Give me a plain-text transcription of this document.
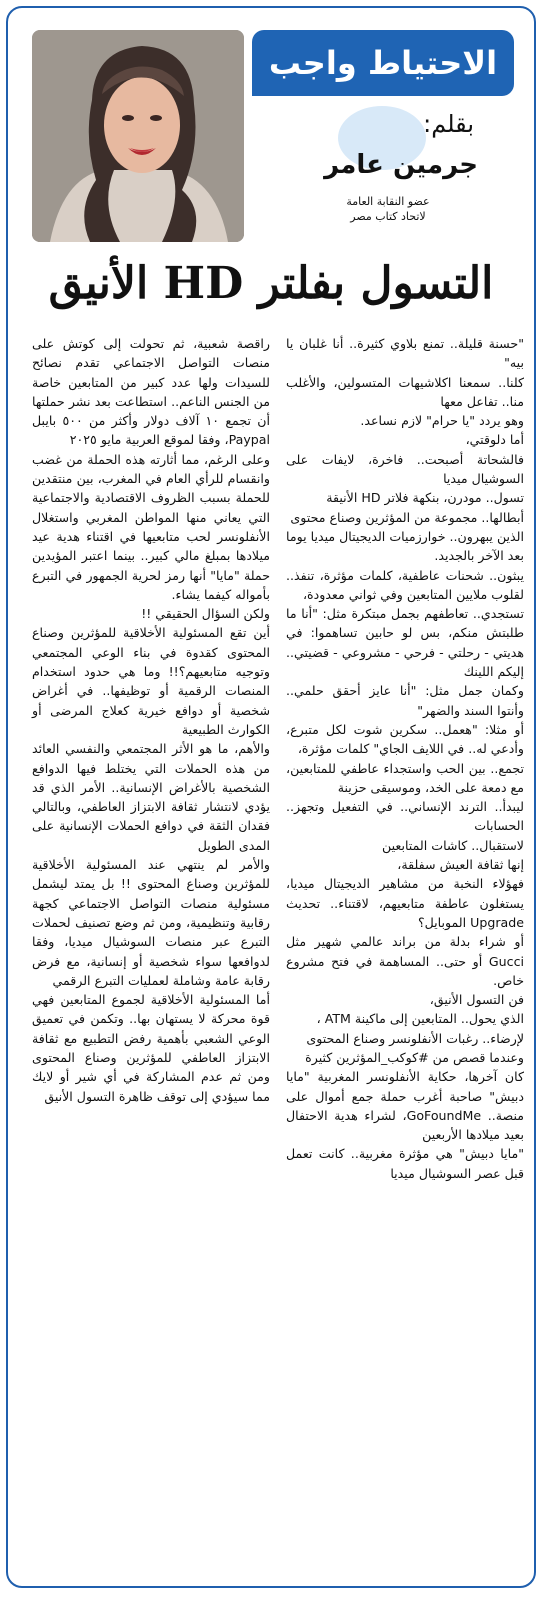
الاحتياط واجب
بقلم:
جرمين عامر
عضو النقابة العامة
لاتحاد كتاب مصر
التسول بفلتر HD الأنيق

"حسنة قليلة.. تمنع بلاوي كثيرة.. أنا غلبان يا بيه"

كلنا.. سمعنا اكلاشيهات المتسولين، والأغلب منا.. تفاعل معها

وهو يردد "يا حرام" لازم نساعد.

أما دلوقتي،

فالشحاتة أصبحت.. فاخرة، لايفات على السوشيال ميديا

تسول.. مودرن، بنكهة فلاتر HD الأنيقة

أبطالها.. مجموعة من المؤثرين وصناع محتوى

الذين يبهرون.. خوارزميات الديجيتال ميديا يوما بعد الآخر بالجديد.

يبثون.. شحنات عاطفية، كلمات مؤثرة، تنفذ.. لقلوب ملايين المتابعين وفي ثواني معدودة،

تستجدي.. تعاطفهم بجمل مبتكرة مثل: "أنا ما طلبتش منكم، بس لو حابين تساهموا: في هديتي - رحلتي - فرحي - مشروعي - قضيتي.. إليكم اللينك

وكمان جمل مثل: "أنا عايز أحقق حلمي.. وأنتوا السند والضهر"

أو مثلا: "هعمل.. سكرين شوت لكل متبرع، وأدعي له.. في اللايف الجاي" كلمات مؤثرة،

تجمع.. بين الحب واستجداء عاطفي للمتابعين، مع دمعة على الخد، وموسيقى حزينة

ليبدأ.. الترند الإنساني.. في التفعيل وتجهز.. الحسابات

لاستقبال.. كاشات المتابعين

إنها ثقافة العيش سفلقة،

فهؤلاء النخبة من مشاهير الديجيتال ميديا، يستغلون عاطفة متابعيهم، لاقتناء.. تحديث Upgrade الموبايل؟

أو شراء بدلة من براند عالمي شهير مثل Gucci أو حتى.. المساهمة في فتح مشروع خاص.

فن التسول الأنيق،

الذي يحول.. المتابعين إلى ماكينة ATM ،

لإرضاء.. رغبات الأنفلونسر وصناع المحتوى

وعندما قصص من #كوكب_المؤثرين كثيرة

كان آخرها، حكاية الأنفلونسر المغربية "مايا دبيش" صاحبة أغرب حملة جمع أموال على منصة.. GoFoundMe، لشراء هدية الاحتفال بعيد ميلادها الأربعين

"مايا دبيش" هي مؤثرة مغربية.. كانت تعمل قبل عصر السوشيال ميديا

راقصة شعبية، ثم تحولت إلى كوتش على منصات التواصل الاجتماعي تقدم نصائح للسيدات ولها عدد كبير من المتابعين خاصة من الجنس الناعم.. استطاعت بعد نشر حملتها أن تجمع ١٠ آلاف دولار وأكثر من ٥٠٠ بايبل Paypal، وفقا لموقع العربية مايو ٢٠٢٥

وعلى الرغم، مما أثارته هذه الحملة من غضب وانقسام للرأي العام في المغرب، بين منتقدين للحملة بسبب الظروف الاقتصادية والاجتماعية التي يعاني منها المواطن المغربي واستغلال الأنفلونسر لحب متابعيها في اقتناء هدية عيد ميلادها بمبلغ مالي كبير.. بينما اعتبر المؤيدين حملة "مايا" أنها رمز لحرية الجمهور في التبرع بأمواله كيفما يشاء.

ولكن السؤال الحقيقي !!

أين تقع المسئولية الأخلاقية للمؤثرين وصناع المحتوى كقدوة في بناء الوعي المجتمعي وتوجيه متابعيهم؟!! وما هي حدود استخدام المنصات الرقمية أو توظيفها.. في أغراض شخصية أو دوافع خيرية كعلاج المرضى أو الكوارث الطبيعية

والأهم، ما هو الأثر المجتمعي والنفسي العائد من هذه الحملات التي يختلط فيها الدوافع الشخصية بالأغراض الإنسانية.. الأمر الذي قد يؤدي لانتشار ثقافة الابتزاز العاطفي، وبالتالي فقدان الثقة في دوافع الحملات الإنسانية على المدى الطويل

والأمر لم ينتهي عند المسئولية الأخلاقية للمؤثرين وصناع المحتوى !! بل يمتد ليشمل مسئولية منصات التواصل الاجتماعي كجهة رقابية وتنظيمية، ومن ثم وضع تصنيف لحملات التبرع عبر منصات السوشيال ميديا، وفقا لدوافعها سواء شخصية أو إنسانية، مع فرض رقابة عامة وشاملة لعمليات التبرع الرقمي

أما المسئولية الأخلاقية لجموع المتابعين فهي قوة محركة لا يستهان بها.. وتكمن في تعميق الوعي الشعبي بأهمية رفض التطبيع مع ثقافة الابتزاز العاطفي للمؤثرين وصناع المحتوى ومن ثم عدم المشاركة في أي شير أو لايك مما سيؤدي إلى توقف ظاهرة التسول الأنيق
